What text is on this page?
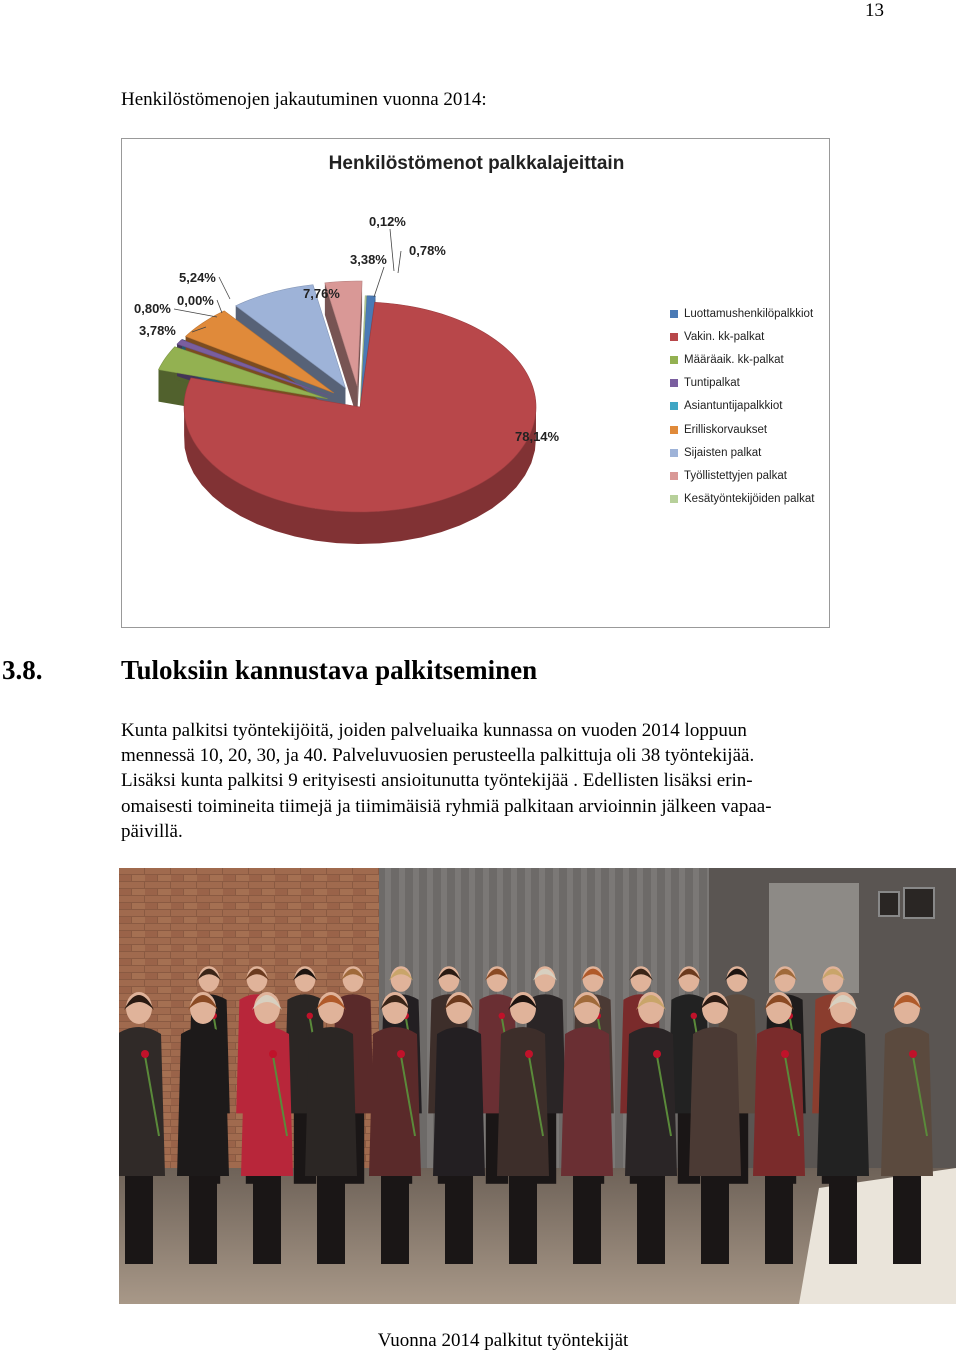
13
Henkilöstömenojen jakautuminen vuonna 2014:
Henkilöstömenot palkkalajeittain
0,78%
78,14%
3,78%
0,80%
0,00%
5,24%
7,76%
3,38%
0,12%
Luottamushenkilöpalkkiot
Vakin. kk-palkat
Määräaik. kk-palkat
Tuntipalkat
Asiantuntijapalkkiot
Erilliskorvaukset
Sijaisten palkat
Työllistettyjen palkat
Kesätyöntekijöiden palkat
3.8.	Tuloksiin kannustava palkitseminen

Kunta palkitsi työntekijöitä, joiden palveluaika kunnassa on vuoden 2014 loppuun
mennessä 10, 20, 30, ja 40. Palveluvuosien perusteella palkittuja oli 38 työntekijää.
Lisäksi kunta palkitsi 9 erityisesti ansioitunutta työntekijää . Edellisten lisäksi erin-
omaisesti toimineita tiimejä ja tiimimäisiä ryhmiä palkitaan arvioinnin jälkeen vapaa-
päivillä.

Vuonna 2014 palkitut työntekijät
